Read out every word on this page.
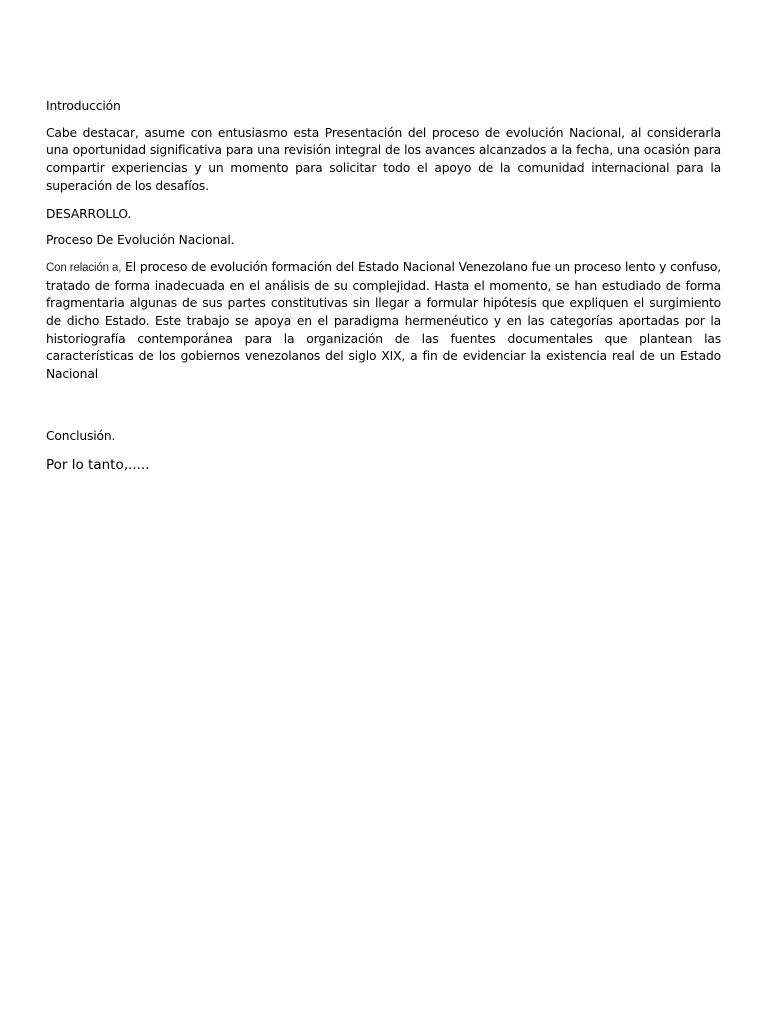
Introducción

Cabe destacar, asume con entusiasmo esta Presentación del proceso de evolución Nacional, al considerarla una oportunidad significativa para una revisión integral de los avances alcanzados a la fecha, una ocasión para compartir experiencias y un momento para solicitar todo el apoyo de la comunidad internacional para la superación de los desafíos.

DESARROLLO.

Proceso De Evolución Nacional.

Con relación a, El proceso de evolución formación del Estado Nacional Venezolano fue un proceso lento y confuso, tratado de forma inadecuada en el análisis de su complejidad. Hasta el momento, se han estudiado de forma fragmentaria algunas de sus partes constitutivas sin llegar a formular hipótesis que expliquen el surgimiento de dicho Estado. Este trabajo se apoya en el paradigma hermenéutico y en las categorías aportadas por la historiografía contemporánea para la organización de las fuentes documentales que plantean las características de los gobiernos venezolanos del siglo XIX, a fin de evidenciar la existencia real de un Estado Nacional

Conclusión.

Por lo tanto,.....
